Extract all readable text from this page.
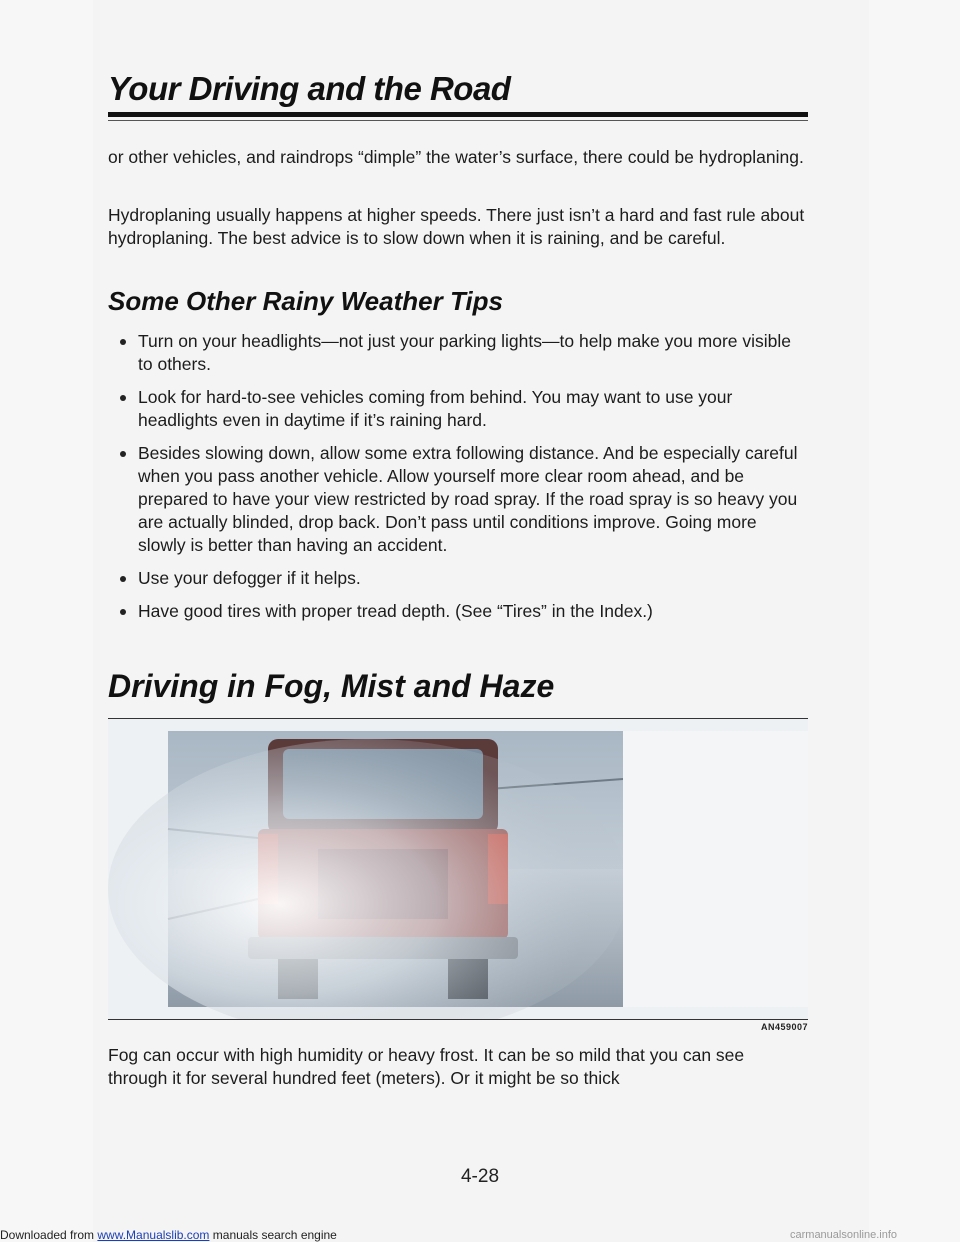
Your Driving and the Road

or other vehicles, and raindrops “dimple” the water’s surface, there could be hydroplaning.

Hydroplaning usually happens at higher speeds. There just isn’t a hard and fast rule about hydroplaning. The best advice is to slow down when it is raining, and be careful.

Some Other Rainy Weather Tips
Turn on your headlights—not just your parking lights—to help make you more visible to others.
Look for hard-to-see vehicles coming from behind. You may want to use your headlights even in daytime if it’s raining hard.
Besides slowing down, allow some extra following distance. And be especially careful when you pass another vehicle. Allow yourself more clear room ahead, and be prepared to have your view restricted by road spray. If the road spray is so heavy you are actually blinded, drop back. Don’t pass until conditions improve. Going more slowly is better than having an accident.
Use your defogger if it helps.
Have good tires with proper tread depth. (See “Tires” in the Index.)
Driving in Fog, Mist and Haze
AN459007

Fog can occur with high humidity or heavy frost. It can be so mild that you can see through it for several hundred feet (meters). Or it might be so thick

4-28
Downloaded from www.Manualslib.com manuals search engine	carmanualsonline.info
